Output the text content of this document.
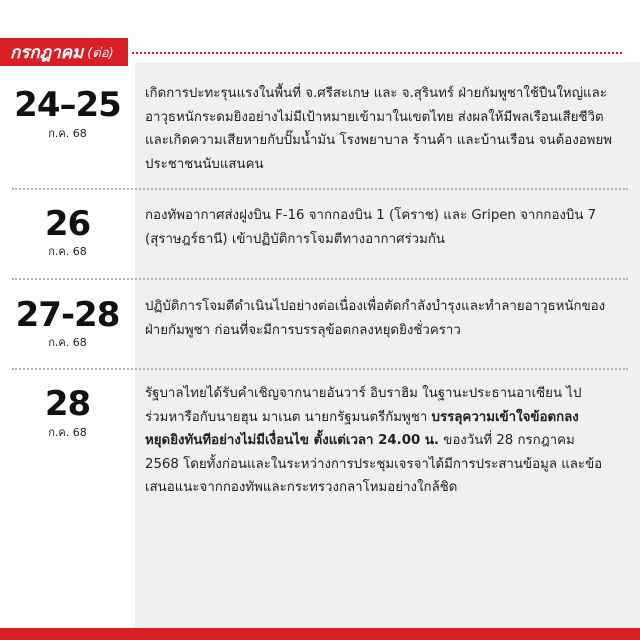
กรกฎาคม (ต่อ)
24–25
ก.ค. 68
เกิดการปะทะรุนแรงในพื้นที่ จ.ศรีสะเกษ และ จ.สุรินทร์ ฝ่ายกัมพูชาใช้ปืนใหญ่และ
อาวุธหนักระดมยิงอย่างไม่มีเป้าหมายเข้ามาในเขตไทย ส่งผลให้มีพลเรือนเสียชีวิต
และเกิดความเสียหายกับปั๊มน้ำมัน โรงพยาบาล ร้านค้า และบ้านเรือน จนต้องอพยพ
ประชาชนนับแสนคน
26
ก.ค. 68
กองทัพอากาศส่งฝูงบิน F-16 จากกองบิน 1 (โคราช) และ Gripen จากกองบิน 7
(สุราษฎร์ธานี) เข้าปฏิบัติการโจมตีทางอากาศร่วมกัน
27-28
ก.ค. 68
ปฏิบัติการโจมตีดำเนินไปอย่างต่อเนื่องเพื่อตัดกำลังบำรุงและทำลายอาวุธหนักของ
ฝ่ายกัมพูชา ก่อนที่จะมีการบรรลุข้อตกลงหยุดยิงชั่วคราว
28
ก.ค. 68
รัฐบาลไทยได้รับคำเชิญจากนายอันวาร์ อิบราฮิม ในฐานะประธานอาเซียน ไป
ร่วมหารือกับนายฮุน มาเนต นายกรัฐมนตรีกัมพูชา บรรลุความเข้าใจข้อตกลง
หยุดยิงทันทีอย่างไม่มีเงื่อนไข ตั้งแต่เวลา 24.00 น. ของวันที่ 28 กรกฎาคม
2568 โดยทั้งก่อนและในระหว่างการประชุมเจรจาได้มีการประสานข้อมูล และข้อ
เสนอแนะจากกองทัพและกระทรวงกลาโหมอย่างใกล้ชิด
